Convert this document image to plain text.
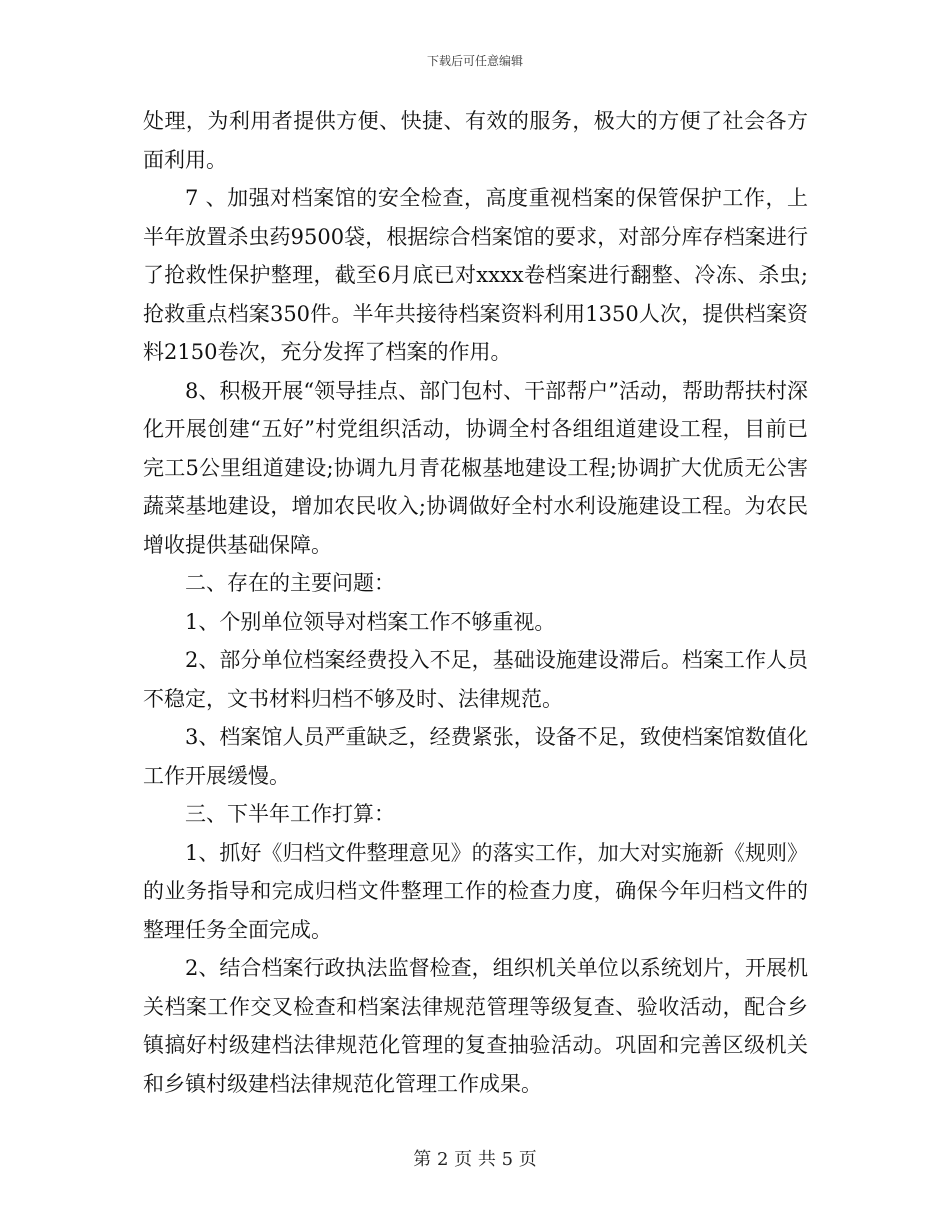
下载后可任意编辑

处理，为利用者提供方便、快捷、有效的服务，极大的方便了社会各方面利用。

7 、加强对档案馆的安全检查，高度重视档案的保管保护工作，上半年放置杀虫药9500袋，根据综合档案馆的要求，对部分库存档案进行了抢救性保护整理，截至6月底已对xxxx卷档案进行翻整、冷冻、杀虫;抢救重点档案350件。半年共接待档案资料利用1350人次，提供档案资料2150卷次，充分发挥了档案的作用。

8、积极开展“领导挂点、部门包村、干部帮户”活动，帮助帮扶村深化开展创建“五好”村党组织活动，协调全村各组组道建设工程，目前已完工5公里组道建设;协调九月青花椒基地建设工程;协调扩大优质无公害蔬菜基地建设，增加农民收入;协调做好全村水利设施建设工程。为农民增收提供基础保障。

二、存在的主要问题：

1、个别单位领导对档案工作不够重视。

2、部分单位档案经费投入不足，基础设施建设滞后。档案工作人员不稳定，文书材料归档不够及时、法律规范。

3、档案馆人员严重缺乏，经费紧张，设备不足，致使档案馆数值化工作开展缓慢。

三、下半年工作打算：

1、抓好《归档文件整理意见》的落实工作，加大对实施新《规则》的业务指导和完成归档文件整理工作的检查力度，确保今年归档文件的整理任务全面完成。

2、结合档案行政执法监督检查，组织机关单位以系统划片，开展机关档案工作交叉检查和档案法律规范管理等级复查、验收活动，配合乡镇搞好村级建档法律规范化管理的复查抽验活动。巩固和完善区级机关和乡镇村级建档法律规范化管理工作成果。

第 2 页 共 5 页
